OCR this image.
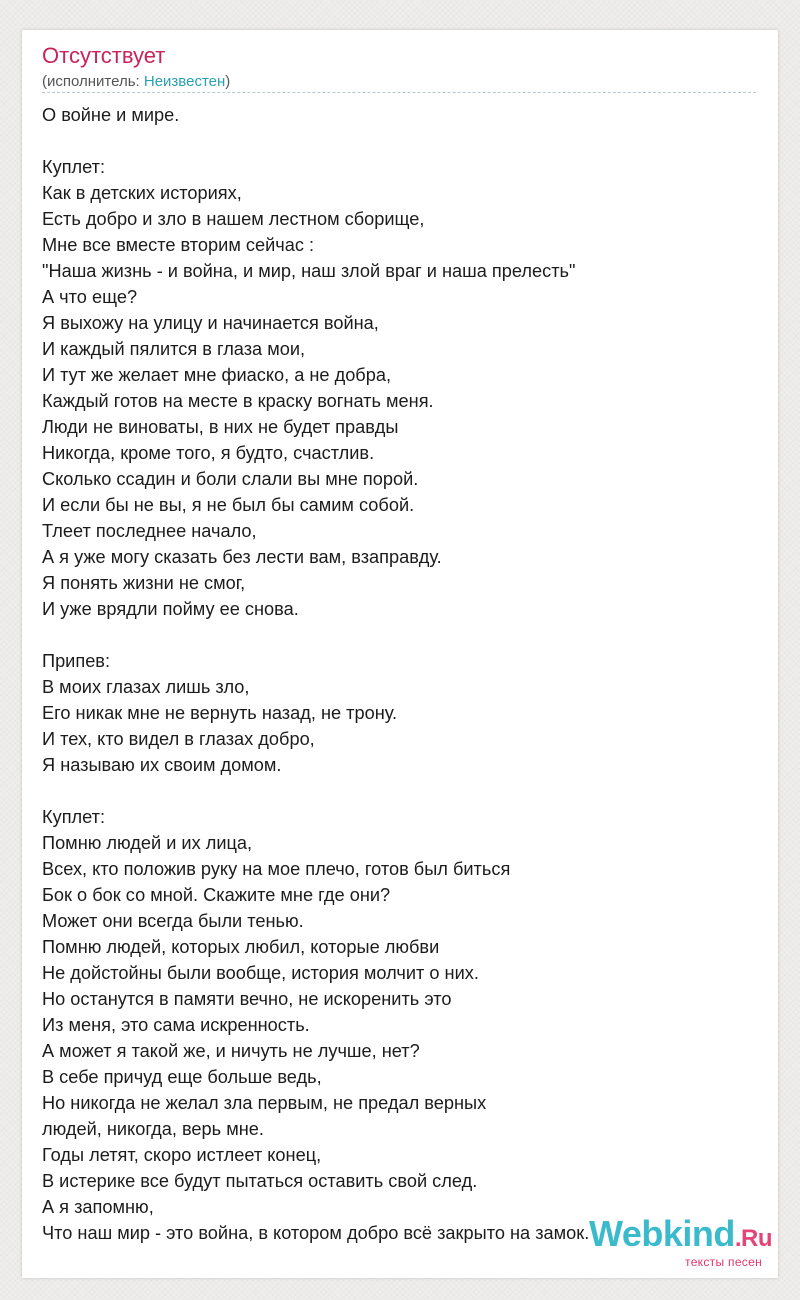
Отсутствует
(исполнитель: Неизвестен)
О войне и мире.
Куплет:
Как в детских историях,
Есть добро и зло в нашем лестном сборище,
Мне все вместе вторим сейчас :
"Наша жизнь - и война, и мир, наш злой враг и наша прелесть"
А что еще?
Я выхожу на улицу и начинается война,
И каждый пялится в глаза мои,
И тут же желает мне фиаско, а не добра,
Каждый готов на месте в краску вогнать меня.
Люди не виноваты, в них не будет правды
Никогда, кроме того, я будто, счастлив.
Сколько ссадин и боли слали вы мне порой.
И если бы не вы, я не был бы самим собой.
Тлеет последнее начало,
А я уже могу сказать без лести вам, взаправду.
Я понять жизни не смог,
И уже врядли пойму ее снова.
Припев:
В моих глазах лишь зло,
Его никак мне не вернуть назад, не трону.
И тех, кто видел в глазах добро,
Я называю их своим домом.
Куплет:
Помню людей и их лица,
Всех, кто положив руку на мое плечо, готов был биться
Бок о бок со мной. Скажите мне где они?
Может они всегда были тенью.
Помню людей, которых любил, которые любви
Не дойстойны были вообще, история молчит о них.
Но останутся в памяти вечно, не искоренить это
Из меня, это сама искренность.
А может я такой же, и ничуть не лучше, нет?
В себе причуд еще больше ведь,
Но никогда не желал зла первым, не предал верных
людей, никогда, верь мне.
Годы летят, скоро истлеет конец,
В истерике все будут пытаться оставить свой след.
А я запомню,
Что наш мир - это война, в котором добро всё закрыто на замок. Webkind.Ru
тексты песен
